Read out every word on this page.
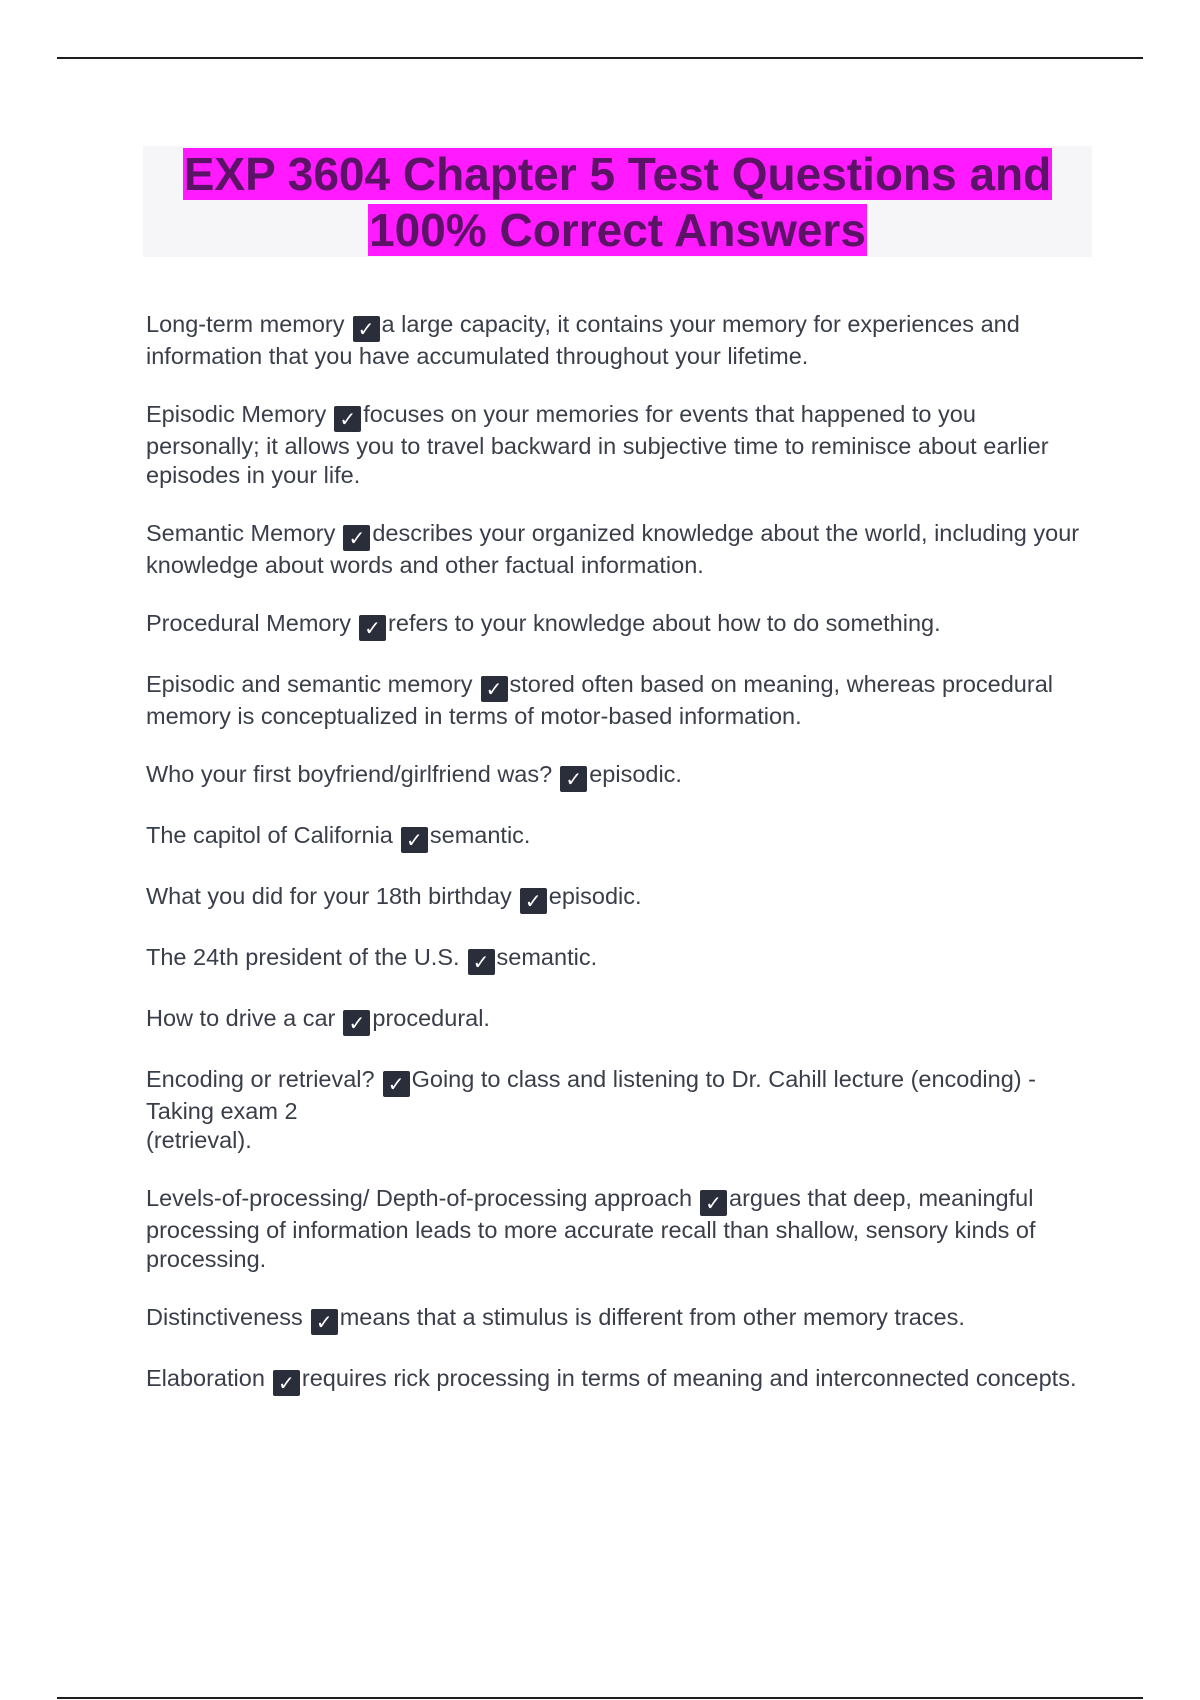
EXP 3604 Chapter 5 Test Questions and 100% Correct Answers
Long-term memory ✓ a large capacity, it contains your memory for experiences and information that you have accumulated throughout your lifetime.
Episodic Memory ✓ focuses on your memories for events that happened to you personally; it allows you to travel backward in subjective time to reminisce about earlier episodes in your life.
Semantic Memory ✓ describes your organized knowledge about the world, including your knowledge about words and other factual information.
Procedural Memory ✓ refers to your knowledge about how to do something.
Episodic and semantic memory ✓ stored often based on meaning, whereas procedural memory is conceptualized in terms of motor-based information.
Who your first boyfriend/girlfriend was? ✓ episodic.
The capitol of California ✓ semantic.
What you did for your 18th birthday ✓ episodic.
The 24th president of the U.S. ✓ semantic.
How to drive a car ✓ procedural.
Encoding or retrieval? ✓ Going to class and listening to Dr. Cahill lecture (encoding) - Taking exam 2
(retrieval).
Levels-of-processing/ Depth-of-processing approach ✓ argues that deep, meaningful processing of information leads to more accurate recall than shallow, sensory kinds of processing.
Distinctiveness ✓ means that a stimulus is different from other memory traces.
Elaboration ✓ requires rick processing in terms of meaning and interconnected concepts.
